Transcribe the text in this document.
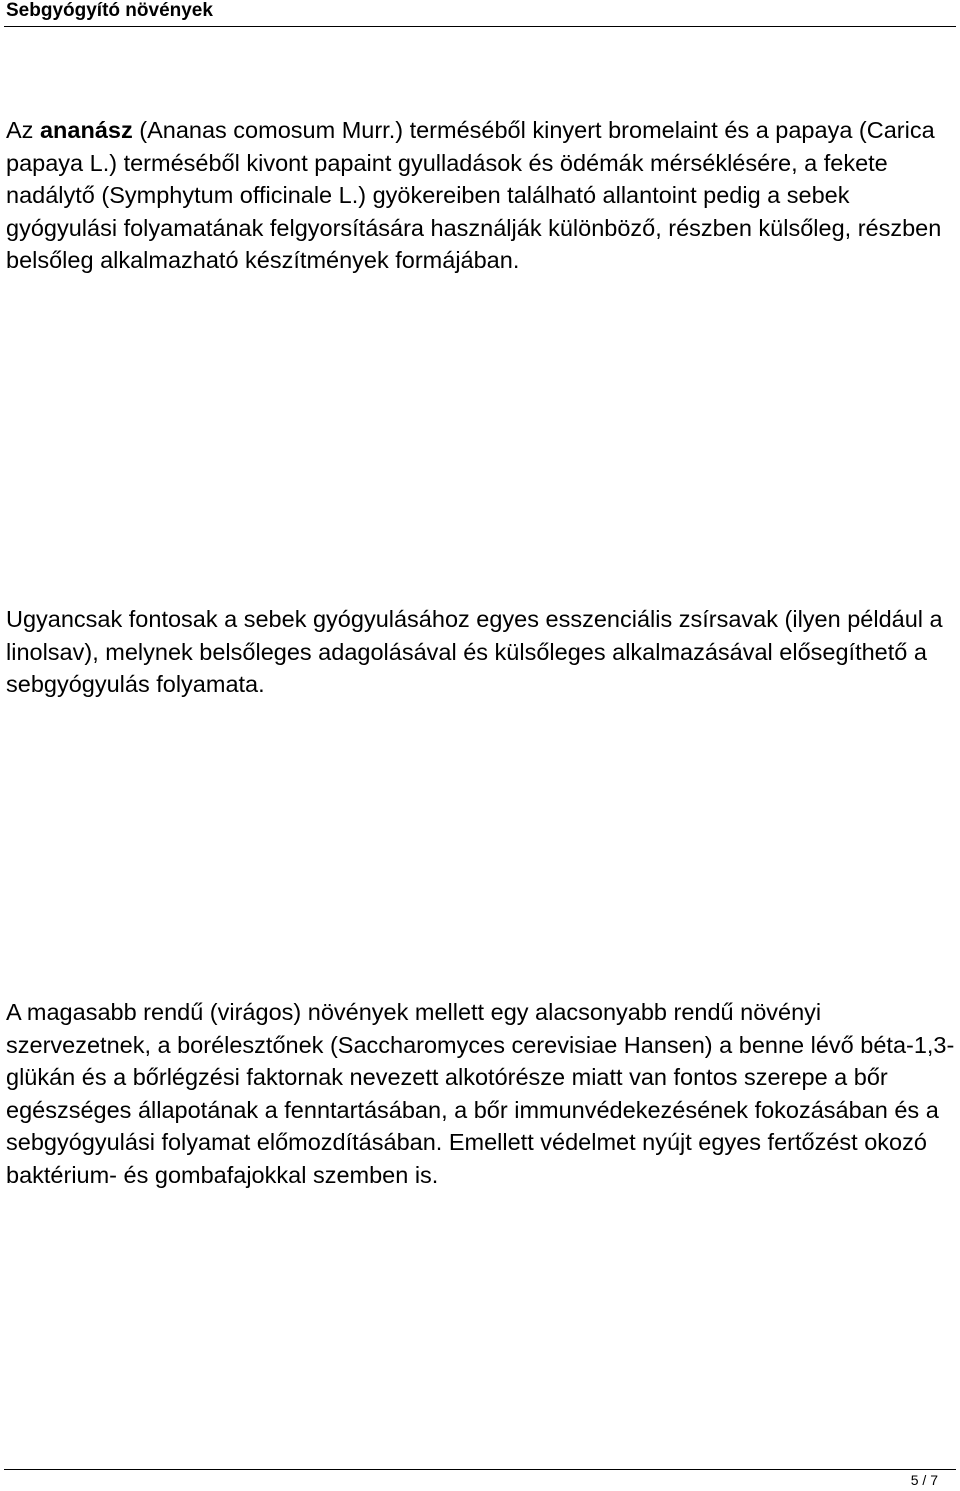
Sebgyógyító növények

Az ananász (Ananas comosum Murr.) terméséből kinyert bromelaint és a papaya (Carica papaya L.) terméséből kivont papaint gyulladások és ödémák mérséklésére, a fekete nadálytő (Symphytum officinale L.) gyökereiben található allantoint pedig a sebek gyógyulási folyamatának felgyorsítására használják különböző, részben külsőleg, részben belsőleg alkalmazható készítmények formájában.

Ugyancsak fontosak a sebek gyógyulásához egyes esszenciális zsírsavak (ilyen például a linolsav), melynek belsőleges adagolásával és külsőleges alkalmazásával elősegíthető a sebgyógyulás folyamata.

A magasabb rendű (virágos) növények mellett egy alacsonyabb rendű növényi szervezetnek, a borélesztőnek (Saccharomyces cerevisiae Hansen) a benne lévő béta-1,3-glükán és a bőrlégzési faktornak nevezett alkotórésze miatt van fontos szerepe a bőr egészséges állapotának a fenntartásában, a bőr immunvédekezésének fokozásában és a sebgyógyulási folyamat előmozdításában. Emellett védelmet nyújt egyes fertőzést okozó baktérium- és gombafajokkal szemben is.

5 / 7
